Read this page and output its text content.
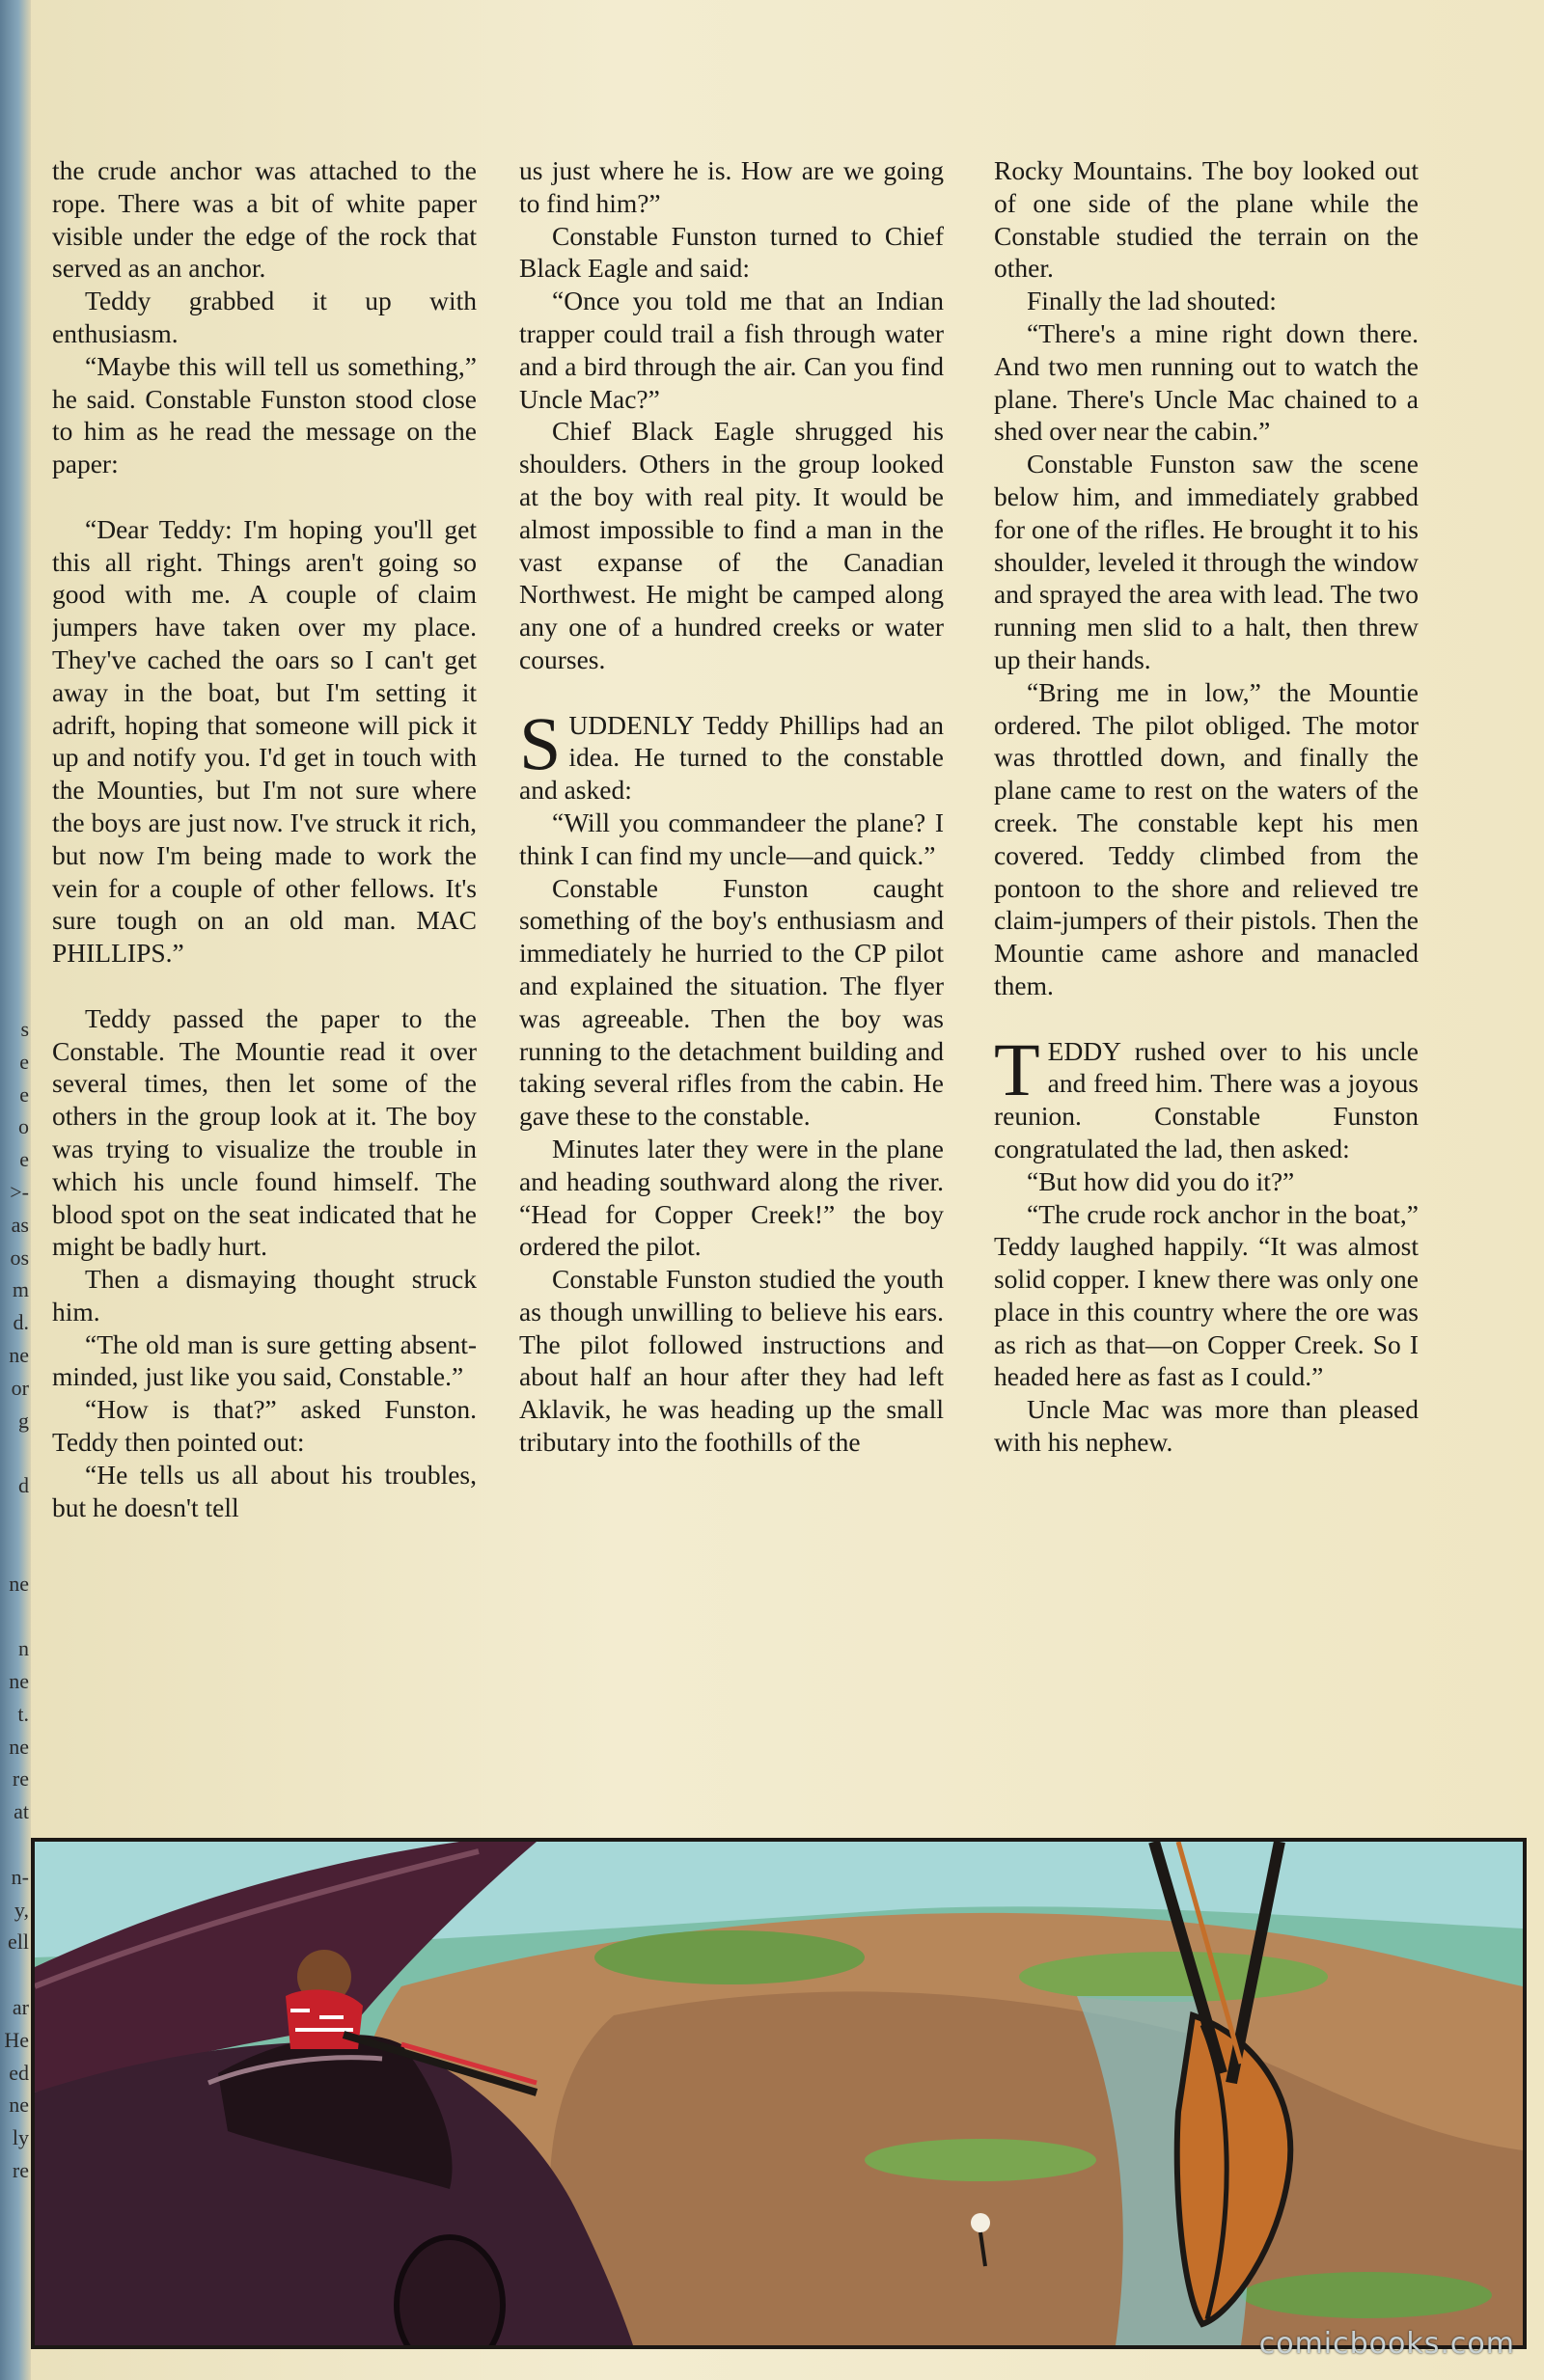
s
e
e
o
e
>-
as
os
m
d.
ne
or
g

d

ne

n
ne
t.
ne
re
at

n-
y,
ell

ar
He
ed
ne
ly
re

the crude anchor was attached to the rope. There was a bit of white paper visible under the edge of the rock that served as an anchor.

Teddy grabbed it up with enthusiasm.

“Maybe this will tell us something,” he said. Constable Funston stood close to him as he read the message on the paper:

“Dear Teddy: I'm hoping you'll get this all right. Things aren't going so good with me. A couple of claim jumpers have taken over my place. They've cached the oars so I can't get away in the boat, but I'm setting it adrift, hoping that someone will pick it up and notify you. I'd get in touch with the Mounties, but I'm not sure where the boys are just now. I've struck it rich, but now I'm being made to work the vein for a couple of other fellows. It's sure tough on an old man. MAC PHILLIPS.”

Teddy passed the paper to the Constable. The Mountie read it over several times, then let some of the others in the group look at it. The boy was trying to visualize the trouble in which his uncle found himself. The blood spot on the seat indicated that he might be badly hurt.

Then a dismaying thought struck him.

“The old man is sure getting absent-minded, just like you said, Constable.”

“How is that?” asked Funston. Teddy then pointed out:

“He tells us all about his troubles, but he doesn't tell

us just where he is. How are we going to find him?”

Constable Funston turned to Chief Black Eagle and said:

“Once you told me that an Indian trapper could trail a fish through water and a bird through the air. Can you find Uncle Mac?”

Chief Black Eagle shrugged his shoulders. Others in the group looked at the boy with real pity. It would be almost impossible to find a man in the vast expanse of the Canadian Northwest. He might be camped along any one of a hundred creeks or water courses.

SUDDENLY Teddy Phillips had an idea. He turned to the constable and asked:

“Will you commandeer the plane? I think I can find my uncle—and quick.”

Constable Funston caught something of the boy's enthusiasm and immediately he hurried to the CP pilot and explained the situation. The flyer was agreeable. Then the boy was running to the detachment building and taking several rifles from the cabin. He gave these to the constable.

Minutes later they were in the plane and heading southward along the river. “Head for Copper Creek!” the boy ordered the pilot.

Constable Funston studied the youth as though unwilling to believe his ears. The pilot followed instructions and about half an hour after they had left Aklavik, he was heading up the small tributary into the foothills of the

Rocky Mountains. The boy looked out of one side of the plane while the Constable studied the terrain on the other.

Finally the lad shouted:

“There's a mine right down there. And two men running out to watch the plane. There's Uncle Mac chained to a shed over near the cabin.”

Constable Funston saw the scene below him, and immediately grabbed for one of the rifles. He brought it to his shoulder, leveled it through the window and sprayed the area with lead. The two running men slid to a halt, then threw up their hands.

“Bring me in low,” the Mountie ordered. The pilot obliged. The motor was throttled down, and finally the plane came to rest on the waters of the creek. The constable kept his men covered. Teddy climbed from the pontoon to the shore and relieved tre claim-jumpers of their pistols. Then the Mountie came ashore and manacled them.

TEDDY rushed over to his uncle and freed him. There was a joyous reunion. Constable Funston congratulated the lad, then asked:

“But how did you do it?”

“The crude rock anchor in the boat,” Teddy laughed happily. “It was almost solid copper. I knew there was only one place in this country where the ore was as rich as that—on Copper Creek. So I headed here as fast as I could.”

Uncle Mac was more than pleased with his nephew.

comicbooks.com
